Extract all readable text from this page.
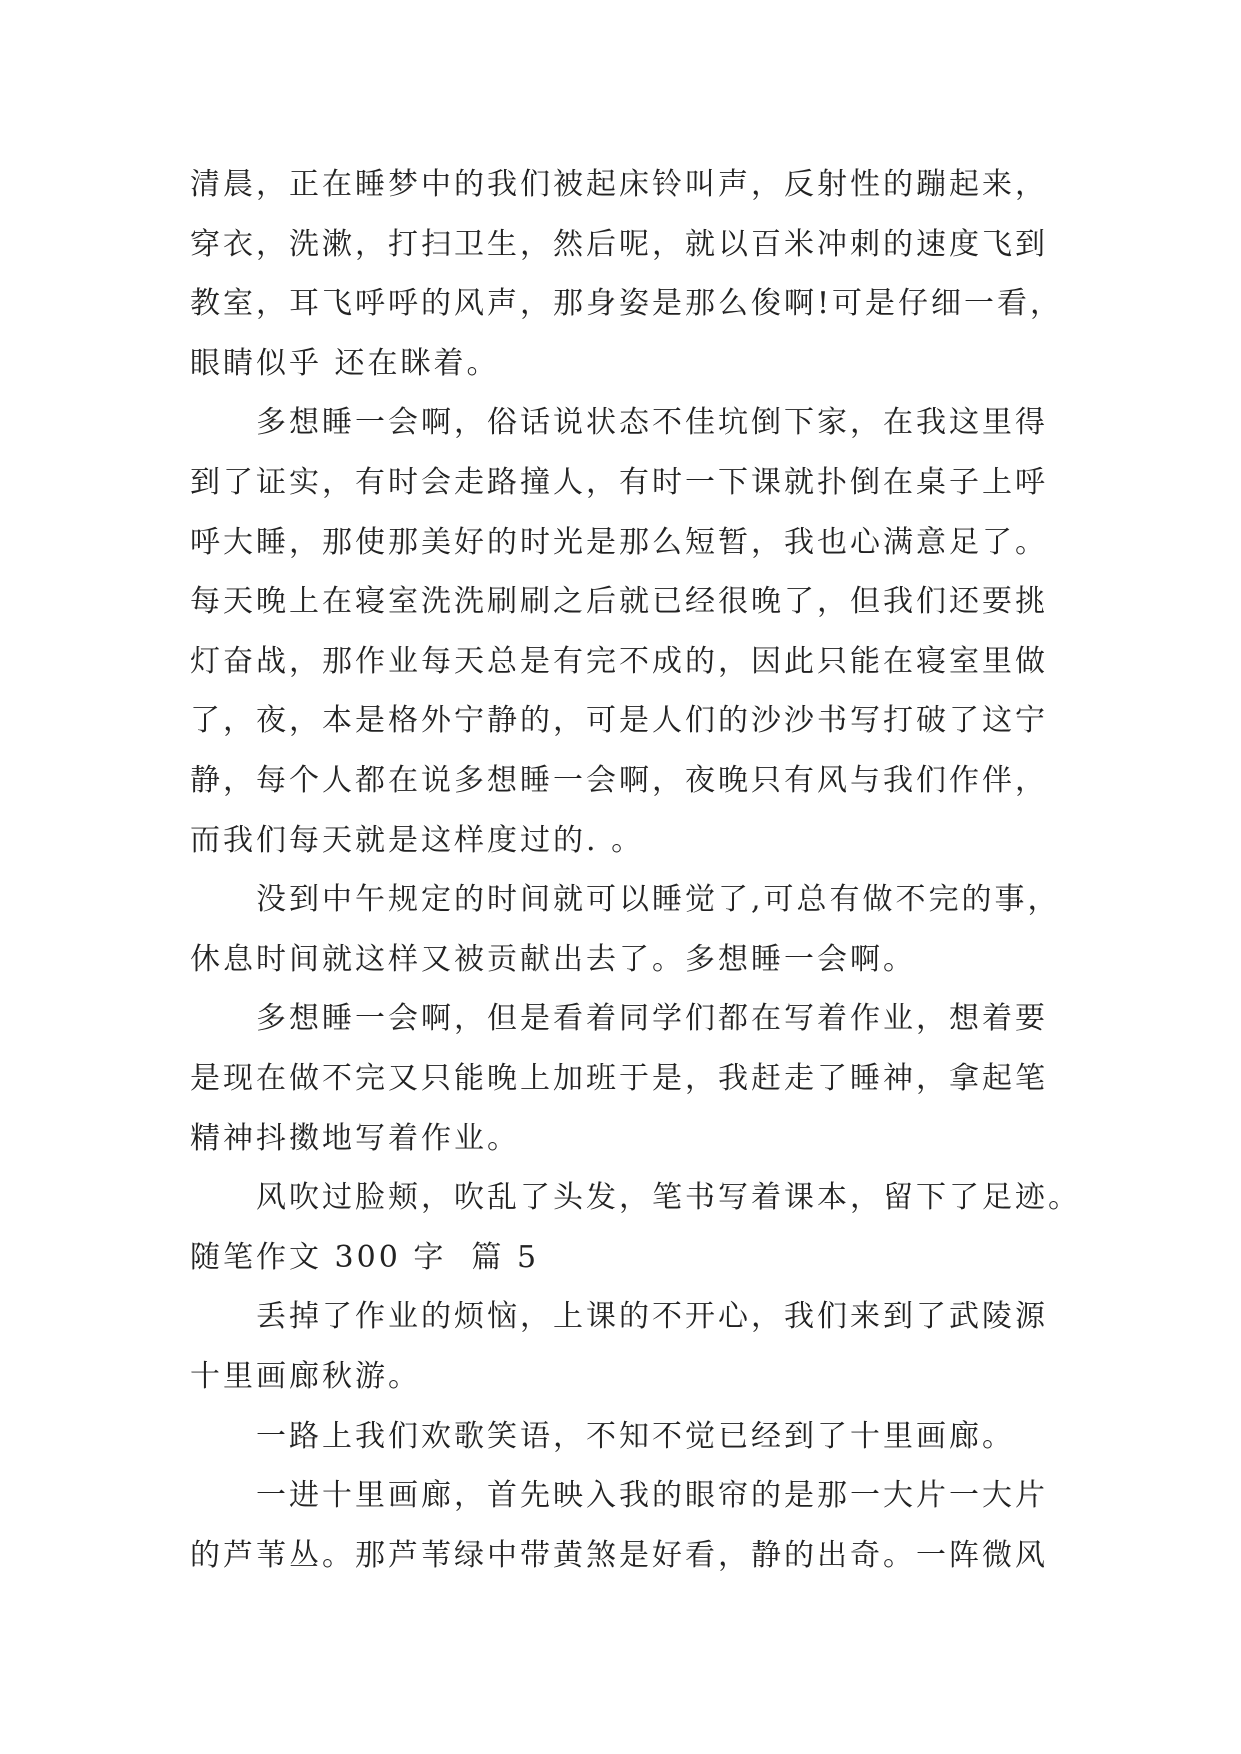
清晨，正在睡梦中的我们被起床铃叫声，反射性的蹦起来，
穿衣，洗漱，打扫卫生，然后呢，就以百米冲刺的速度飞到
教室，耳飞呼呼的风声，那身姿是那么俊啊!可是仔细一看，
眼睛似乎 还在眯着。
　　多想睡一会啊，俗话说状态不佳坑倒下家，在我这里得
到了证实，有时会走路撞人，有时一下课就扑倒在桌子上呼
呼大睡，那使那美好的时光是那么短暂，我也心满意足了。
每天晚上在寝室洗洗刷刷之后就已经很晚了，但我们还要挑
灯奋战，那作业每天总是有完不成的，因此只能在寝室里做
了，夜，本是格外宁静的，可是人们的沙沙书写打破了这宁
静，每个人都在说多想睡一会啊，夜晚只有风与我们作伴，
而我们每天就是这样度过的. 。
　　没到中午规定的时间就可以睡觉了,可总有做不完的事，
休息时间就这样又被贡献出去了。多想睡一会啊。
　　多想睡一会啊，但是看着同学们都在写着作业，想着要
是现在做不完又只能晚上加班于是，我赶走了睡神，拿起笔
精神抖擞地写着作业。
　　风吹过脸颊，吹乱了头发，笔书写着课本，留下了足迹。
随笔作文 300 字  篇 5
　　丢掉了作业的烦恼，上课的不开心，我们来到了武陵源
十里画廊秋游。
　　一路上我们欢歌笑语，不知不觉已经到了十里画廊。
　　一进十里画廊，首先映入我的眼帘的是那一大片一大片
的芦苇丛。那芦苇绿中带黄煞是好看，静的出奇。一阵微风
